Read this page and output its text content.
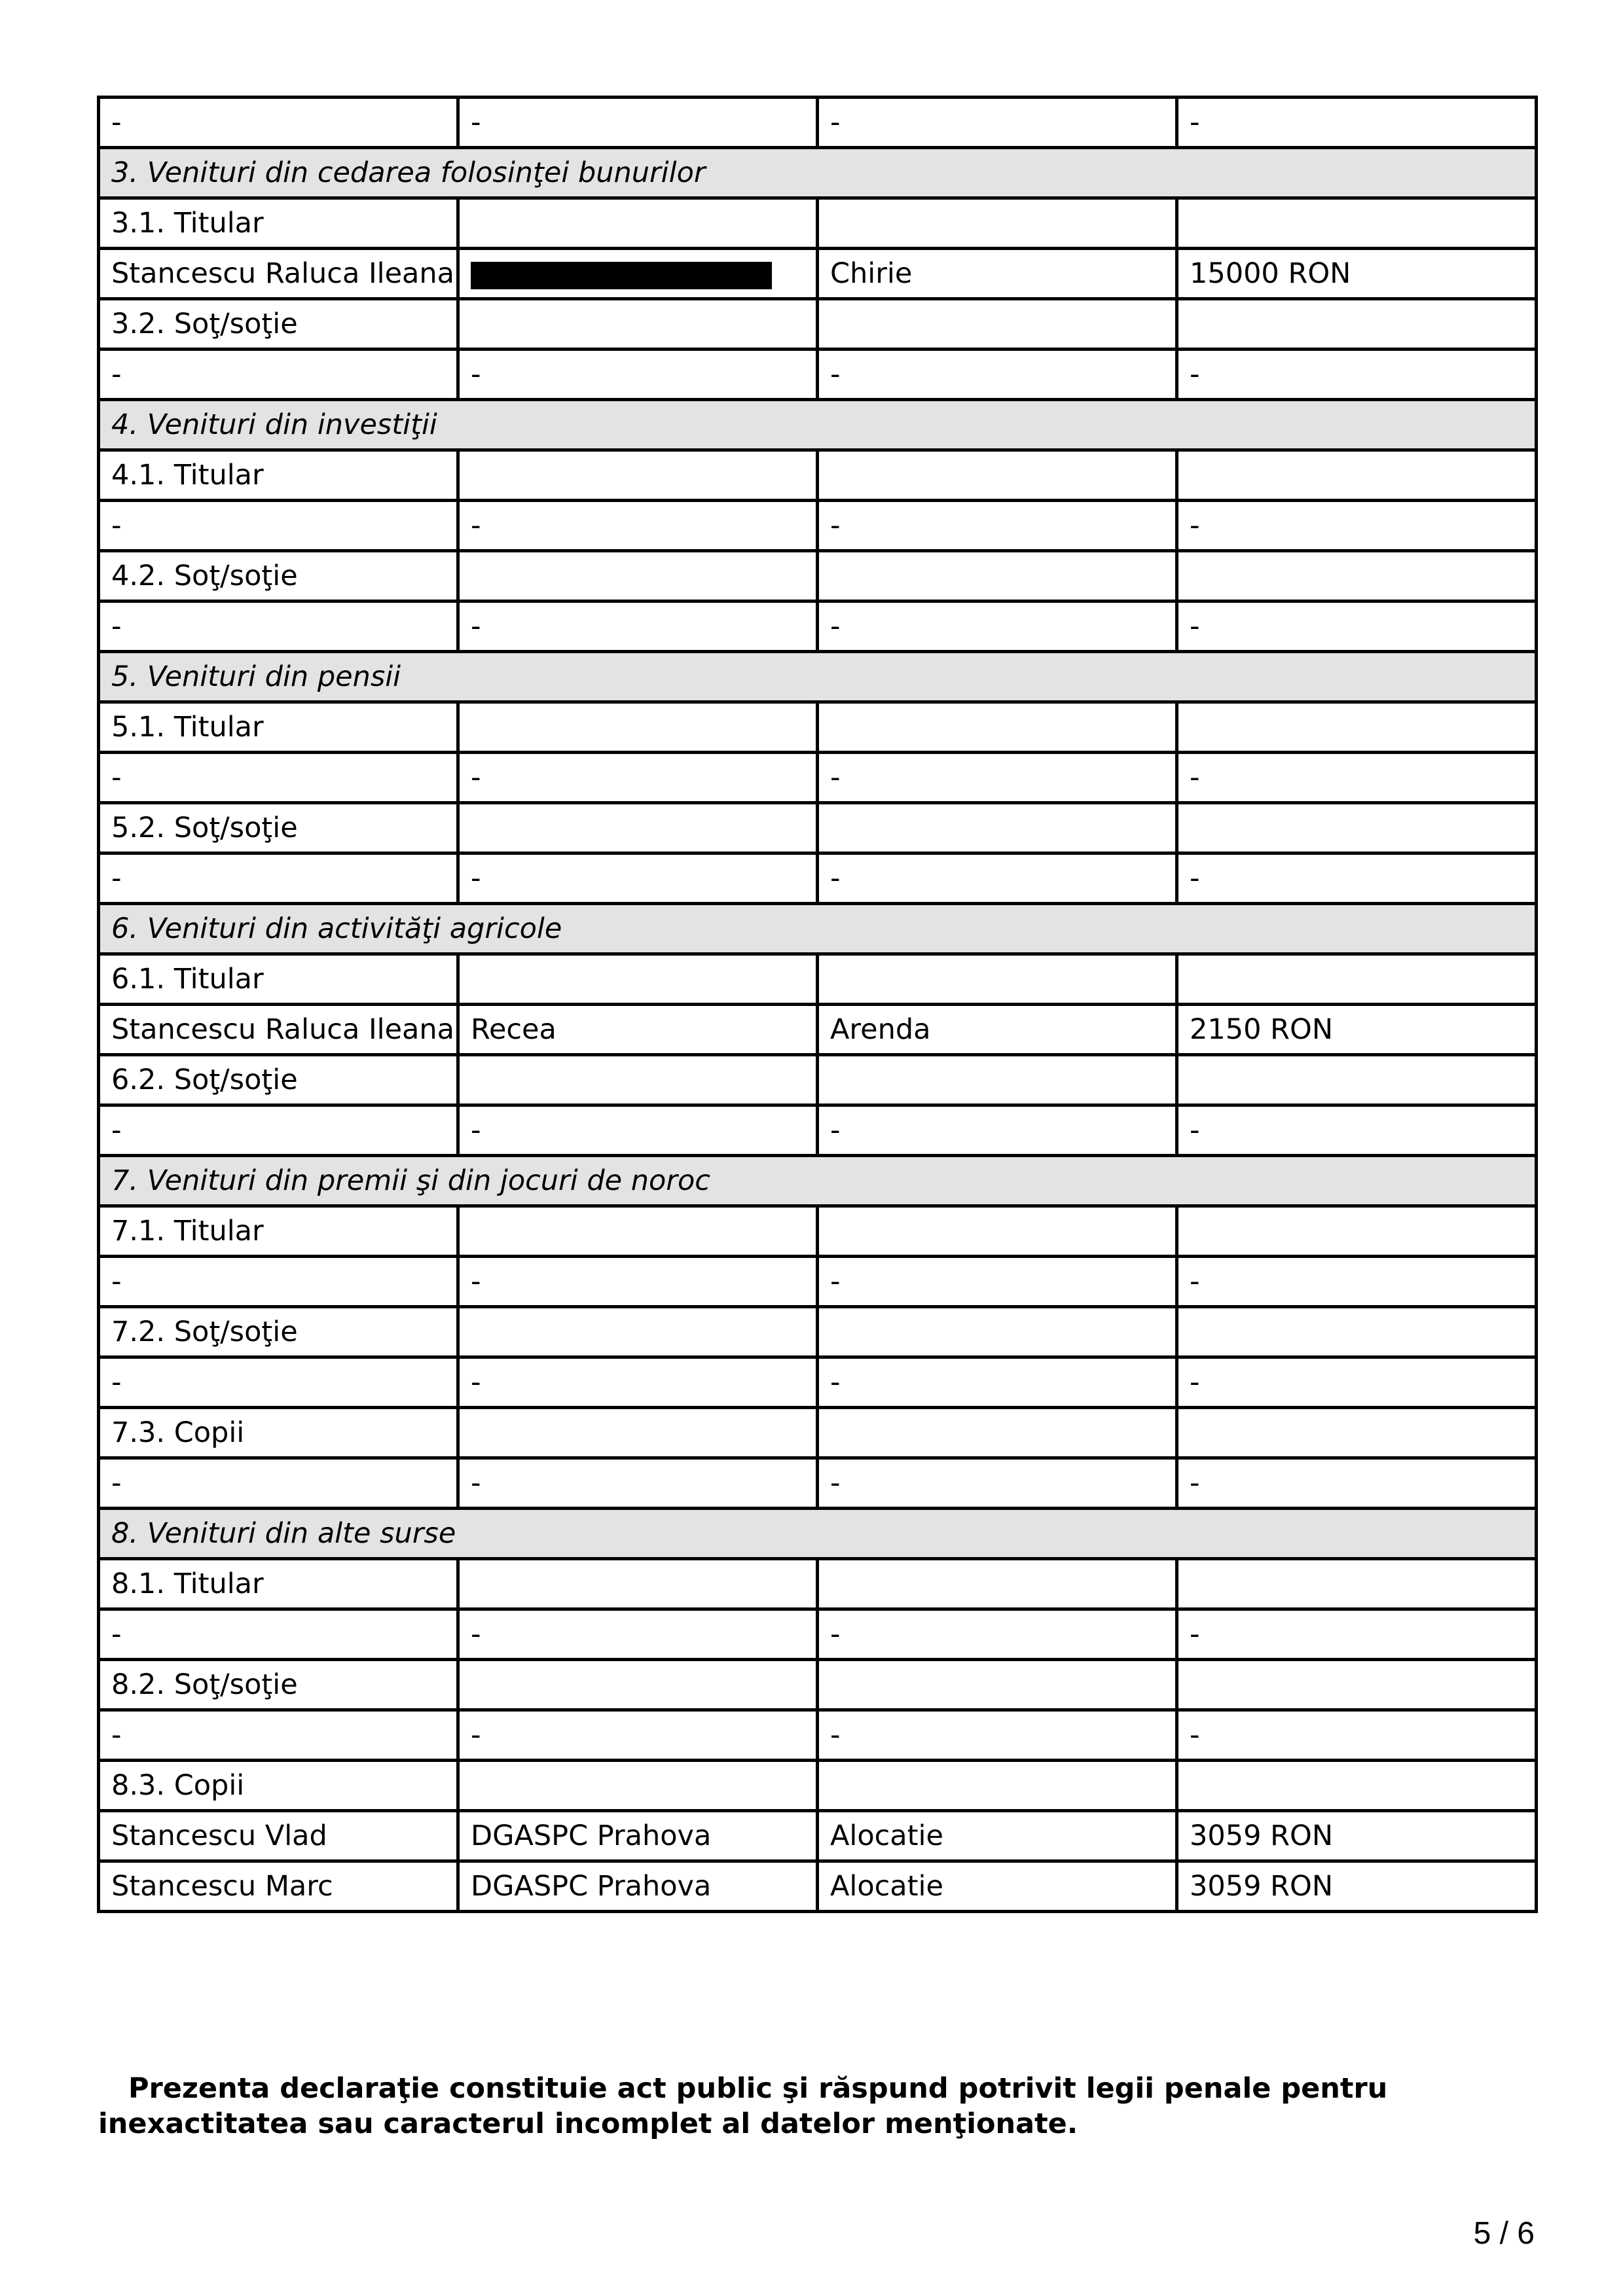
-	-	-	-
3. Venituri din cedarea folosinţei bunurilor			
3.1. Titular			
Stancescu Raluca Ileana		Chirie	15000 RON
3.2. Soţ/soţie			
-	-	-	-
4. Venituri din investiţii			
4.1. Titular			
-	-	-	-
4.2. Soţ/soţie			
-	-	-	-
5. Venituri din pensii			
5.1. Titular			
-	-	-	-
5.2. Soţ/soţie			
-	-	-	-
6. Venituri din activităţi agricole			
6.1. Titular			
Stancescu Raluca Ileana	Recea	Arenda	2150 RON
6.2. Soţ/soţie			
-	-	-	-
7. Venituri din premii şi din jocuri de noroc			
7.1. Titular			
-	-	-	-
7.2. Soţ/soţie			
-	-	-	-
7.3. Copii			
-	-	-	-
8. Venituri din alte surse			
8.1. Titular			
-	-	-	-
8.2. Soţ/soţie			
-	-	-	-
8.3. Copii			
Stancescu Vlad	DGASPC Prahova	Alocatie	3059 RON
Stancescu Marc	DGASPC Prahova	Alocatie	3059 RON

Prezenta declaraţie constituie act public şi răspund potrivit legii penale pentru inexactitatea sau caracterul incomplet al datelor menţionate.

5 / 6
